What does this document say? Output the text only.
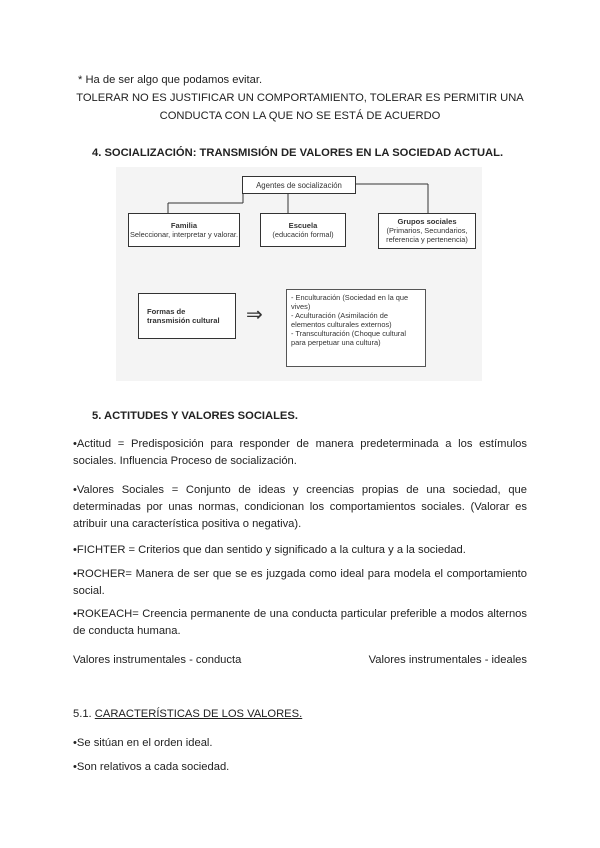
* Ha de ser algo que podamos evitar.
TOLERAR NO ES JUSTIFICAR UN COMPORTAMIENTO, TOLERAR ES PERMITIR UNA
CONDUCTA CON LA QUE NO SE ESTÁ DE ACUERDO
4. SOCIALIZACIÓN: TRANSMISIÓN DE VALORES EN LA SOCIEDAD ACTUAL.
Agentes de socialización
Familia
Seleccionar, interpretar y valorar.
Escuela
(educación formal)
Grupos sociales
(Primarios, Secundarios, referencia y pertenencia)
Formas de
transmisión cultural	⇒
- Enculturación (Sociedad en la que vives)
- Aculturación (Asimilación de elementos culturales externos)
- Transculturación (Choque cultural para perpetuar una cultura)
5. ACTITUDES Y VALORES SOCIALES.
•Actitud = Predisposición para responder de manera predeterminada a los estímulos sociales. Influencia Proceso de socialización.
•Valores Sociales = Conjunto de ideas y creencias propias de una sociedad, que determinadas por unas normas, condicionan los comportamientos sociales. (Valorar es atribuir una característica positiva o negativa).
•FICHTER = Criterios que dan sentido y significado a la cultura y a la sociedad.
•ROCHER= Manera de ser que se es juzgada como ideal para modela el comportamiento social.
•ROKEACH= Creencia permanente de una conducta particular preferible a modos alternos de conducta humana.
Valores instrumentales - conducta	Valores instrumentales - ideales
5.1. CARACTERÍSTICAS DE LOS VALORES.
•Se sitúan en el orden ideal.
•Son relativos a cada sociedad.
